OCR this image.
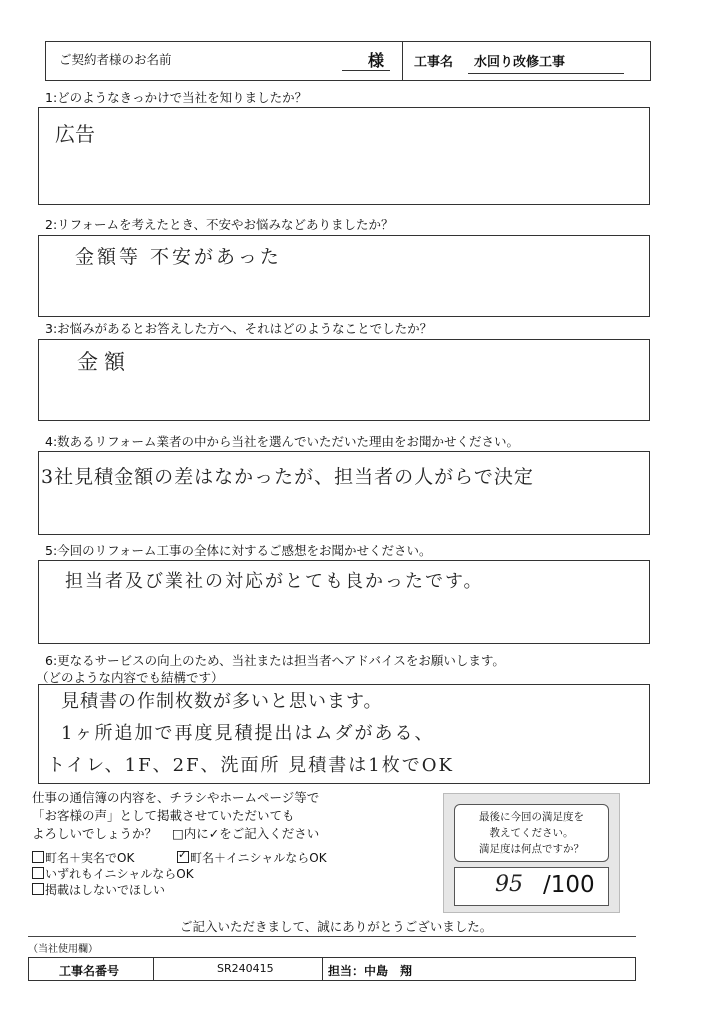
ご契約者様のお名前	様 工事名 水回り改修工事
1:どのようなきっかけで当社を知りましたか？
広告
2:リフォームを考えたとき、不安やお悩みなどありましたか？
金額等 不安があった
3:お悩みがあるとお答えした方へ、それはどのようなことでしたか？
金額
4:数あるリフォーム業者の中から当社を選んでいただいた理由をお聞かせください。
3社見積金額の差はなかったが、担当者の人がらで決定
5:今回のリフォーム工事の全体に対するご感想をお聞かせください。
担当者及び業社の対応がとても良かったです。
6:更なるサービスの向上のため、当社または担当者へアドバイスをお願いします。
（どのような内容でも結構です）
見積書の作制枚数が多いと思います。
1ヶ所追加で再度見積提出はムダがある、
トイレ、1F、2F、洗面所 見積書は1枚でOK
仕事の通信簿の内容を、チラシやホームページ等で
「お客様の声」として掲載させていただいても
よろしいでしょうか？ □内に✓をご記入ください
町名＋実名でOK
✓	町名＋イニシャルならOK
いずれもイニシャルならOK
掲載はしないでほしい
最後に今回の満足度を
教えてください。
満足度は何点ですか？
95 /100
ご記入いただきまして、誠にありがとうございました。
（当社使用欄）
工事名番号	SR240415	担当：中島　翔
